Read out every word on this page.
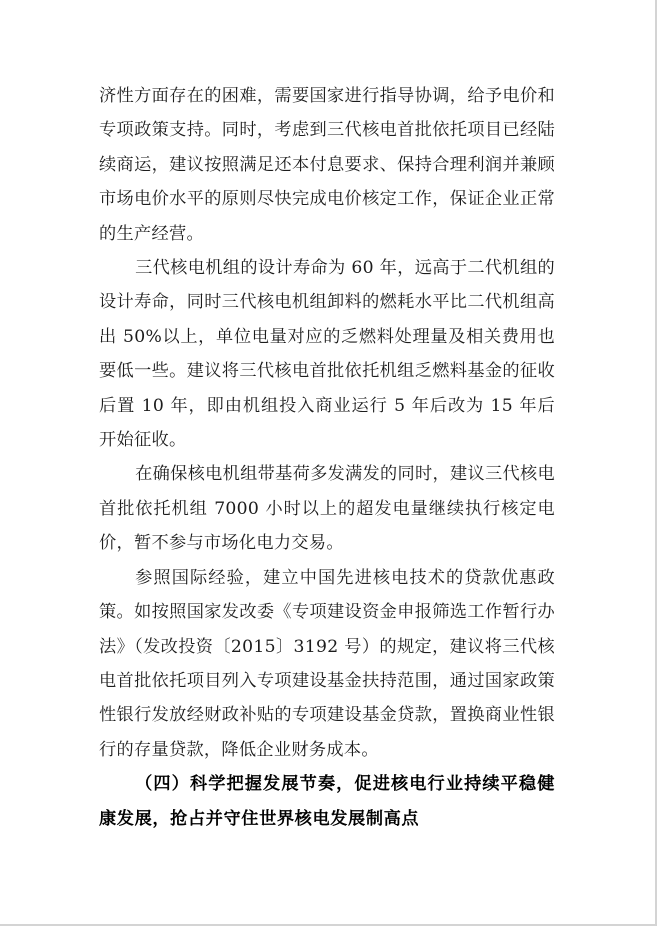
济性方面存在的困难，需要国家进行指导协调，给予电价和专项政策支持。同时，考虑到三代核电首批依托项目已经陆续商运，建议按照满足还本付息要求、保持合理利润并兼顾市场电价水平的原则尽快完成电价核定工作，保证企业正常的生产经营。

三代核电机组的设计寿命为 60 年，远高于二代机组的设计寿命，同时三代核电机组卸料的燃耗水平比二代机组高出 50%以上，单位电量对应的乏燃料处理量及相关费用也要低一些。建议将三代核电首批依托机组乏燃料基金的征收后置 10 年，即由机组投入商业运行 5 年后改为 15 年后开始征收。

在确保核电机组带基荷多发满发的同时，建议三代核电首批依托机组 7000 小时以上的超发电量继续执行核定电价，暂不参与市场化电力交易。

参照国际经验，建立中国先进核电技术的贷款优惠政策。如按照国家发改委《专项建设资金申报筛选工作暂行办法》（发改投资〔2015〕3192 号）的规定，建议将三代核电首批依托项目列入专项建设基金扶持范围，通过国家政策性银行发放经财政补贴的专项建设基金贷款，置换商业性银行的存量贷款，降低企业财务成本。

（四）科学把握发展节奏，促进核电行业持续平稳健康发展，抢占并守住世界核电发展制高点
